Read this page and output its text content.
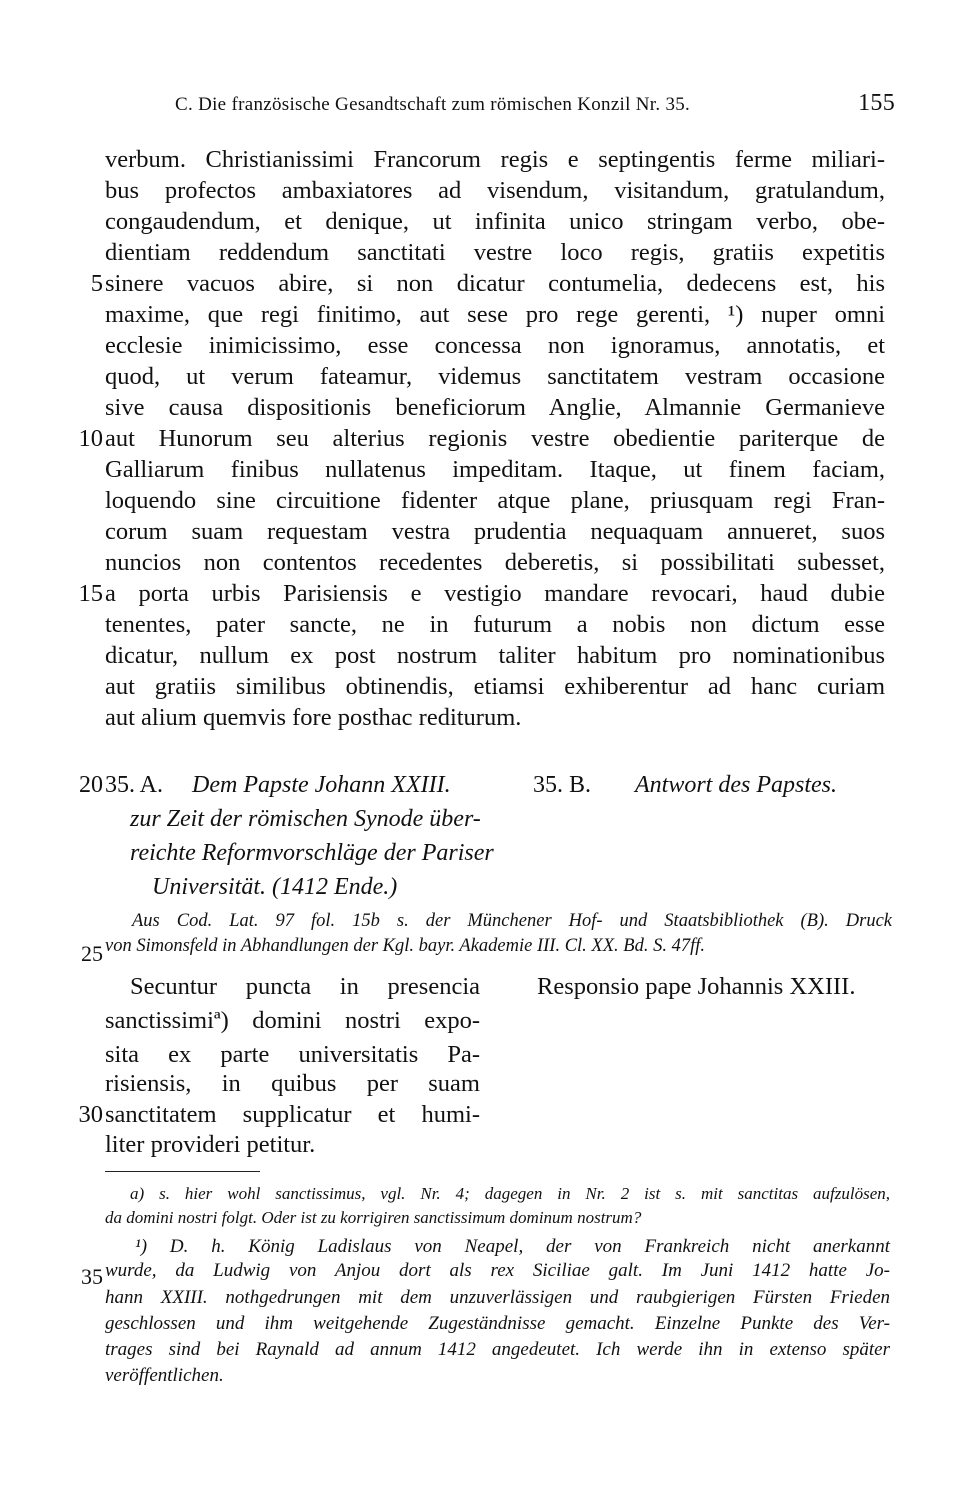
C. Die französische Gesandtschaft zum römischen Konzil Nr. 35.	155
verbum. Christianissimi Francorum regis e septingentis ferme miliari-
bus profectos ambaxiatores ad visendum, visitandum, gratulandum,
congaudendum, et denique, ut infinita unico stringam verbo, obe-
dientiam reddendum sanctitati vestre loco regis, gratiis expetitis
5 sinere vacuos abire, si non dicatur contumelia, dedecens est, his
maxime, que regi finitimo, aut sese pro rege gerenti, ¹) nuper omni
ecclesie inimicissimo, esse concessa non ignoramus, annotatis, et
quod, ut verum fateamur, videmus sanctitatem vestram occasione
sive causa dispositionis beneficiorum Anglie, Almannie Germanieve
10 aut Hunorum seu alterius regionis vestre obedientie pariterque de
Galliarum finibus nullatenus impeditam. Itaque, ut finem faciam,
loquendo sine circuitione fidenter atque plane, priusquam regi Fran-
corum suam requestam vestra prudentia nequaquam annueret, suos
nuncios non contentos recedentes deberetis, si possibilitati subesset,
15 a porta urbis Parisiensis e vestigio mandare revocari, haud dubie
tenentes, pater sancte, ne in futurum a nobis non dictum esse
dicatur, nullum ex post nostrum taliter habitum pro nominationibus
aut gratiis similibus obtinendis, etiamsi exhiberentur ad hanc curiam
aut alium quemvis fore posthac rediturum.
20 35. A. Dem Papste Johann XXIII.
zur Zeit der römischen Synode über-
reichte Reformvorschläge der Pariser
Universität. (1412 Ende.)
35. B. Antwort des Papstes.
Aus Cod. Lat. 97 fol. 15b s. der Münchener Hof- und Staatsbibliothek (B). Druck
25 von Simonsfeld in Abhandlungen der Kgl. bayr. Akademie III. Cl. XX. Bd. S. 47ff.
Secuntur puncta in presencia
sanctissimiª) domini nostri expo-
sita ex parte universitatis Pa-
risiensis, in quibus per suam
30 sanctitatem supplicatur et humi-
liter provideri petitur.
Responsio pape Johannis XXIII.
a) s. hier wohl sanctissimus, vgl. Nr. 4; dagegen in Nr. 2 ist s. mit sanctitas aufzulösen,
da domini nostri folgt. Oder ist zu korrigiren sanctissimum dominum nostrum?
¹) D. h. König Ladislaus von Neapel, der von Frankreich nicht anerkannt
35 wurde, da Ludwig von Anjou dort als rex Siciliae galt. Im Juni 1412 hatte Jo-
hann XXIII. nothgedrungen mit dem unzuverlässigen und raubgierigen Fürsten Frieden
geschlossen und ihm weitgehende Zugeständnisse gemacht. Einzelne Punkte des Ver-
trages sind bei Raynald ad annum 1412 angedeutet. Ich werde ihn in extenso später
veröffentlichen.
